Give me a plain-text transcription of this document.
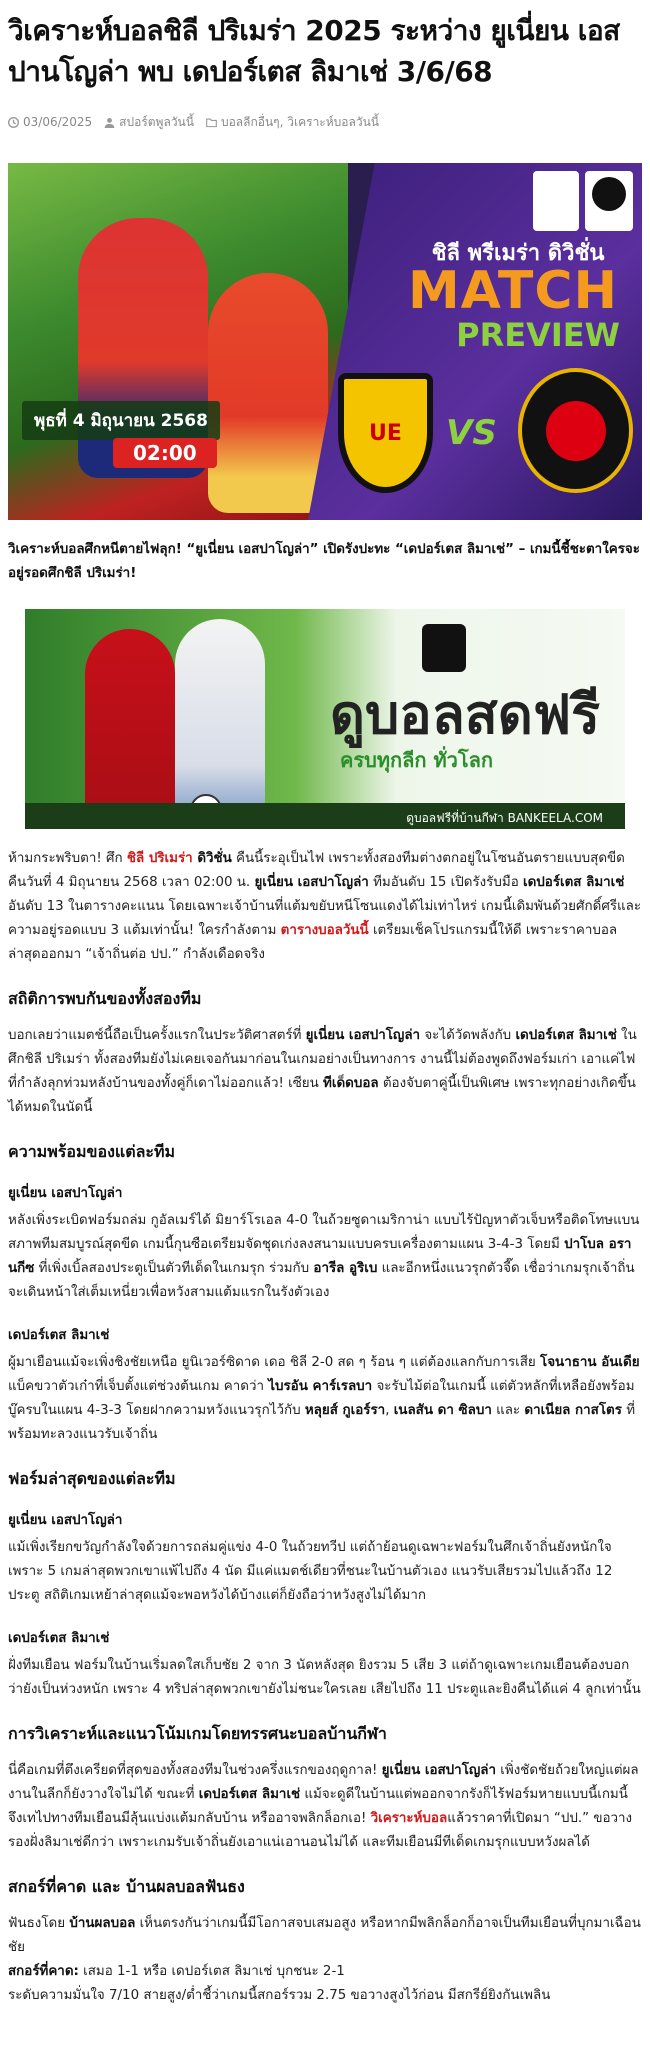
วิเคราะห์บอลชิลี ปริเมร่า 2025 ระหว่าง ยูเนี่ยน เอส ปานโญล่า พบ เดปอร์เตส ลิมาเช่ 3/6/68
03/06/2025 สปอร์ตพูลวันนี้ บอลลีกอื่นๆ, วิเคราะห์บอลวันนี้
ชิลี พรีเมร่า ดิวิชั่น
MATCH
PREVIEW
พุธที่ 4 มิถุนายน 2568
02:00
UE VS

วิเคราะห์บอลศึกหนีตายไฟลุก! “ยูเนี่ยน เอสปาโญล่า” เปิดรังปะทะ “เดปอร์เตส ลิมาเช่” – เกมนี้ชี้ชะตาใครจะอยู่รอดศึกชิลี ปริเมร่า!

ดูบอลสดฟรี
ครบทุกลีก ทั่วโลก
ดูบอลฟรีที่บ้านกีฬา BANKEELA.COM

ห้ามกระพริบตา! ศึก ชิลี ปริเมร่า ดิวิชั่น คืนนี้ระอุเป็นไฟ เพราะทั้งสองทีมต่างตกอยู่ในโซนอันตรายแบบสุดขีด คืนวันที่ 4 มิถุนายน 2568 เวลา 02:00 น. ยูเนี่ยน เอสปาโญล่า ทีมอันดับ 15 เปิดรังรับมือ เดปอร์เตส ลิมาเช่ อันดับ 13 ในตารางคะแนน โดยเฉพาะเจ้าบ้านที่แต้มขยับหนีโซนแดงได้ไม่เท่าไหร่ เกมนี้เดิมพันด้วยศักดิ์ศรีและความอยู่รอดแบบ 3 แต้มเท่านั้น! ใครกำลังตาม ตารางบอลวันนี้ เตรียมเช็คโปรแกรมนี้ให้ดี เพราะราคาบอลล่าสุดออกมา “เจ้าถิ่นต่อ ปป.” กำลังเดือดจริง

สถิติการพบกันของทั้งสองทีม

บอกเลยว่าแมตช์นี้ถือเป็นครั้งแรกในประวัติศาสตร์ที่ ยูเนี่ยน เอสปาโญล่า จะได้วัดพลังกับ เดปอร์เตส ลิมาเช่ ในศึกชิลี ปริเมร่า ทั้งสองทีมยังไม่เคยเจอกันมาก่อนในเกมอย่างเป็นทางการ งานนี้ไม่ต้องพูดถึงฟอร์มเก่า เอาแค่ไฟที่กำลังลุกท่วมหลังบ้านของทั้งคู่ก็เดาไม่ออกแล้ว! เซียน ทีเด็ดบอล ต้องจับตาคู่นี้เป็นพิเศษ เพราะทุกอย่างเกิดขึ้นได้หมดในนัดนี้

ความพร้อมของแต่ละทีม
ยูเนี่ยน เอสปาโญล่า

หลังเพิ่งระเบิดฟอร์มถล่ม กูอัลเมร์ได้ มิยาร์โรเอล 4-0 ในถ้วยซูดาเมริกาน่า แบบไร้ปัญหาตัวเจ็บหรือติดโทษแบน สภาพทีมสมบูรณ์สุดขีด เกมนี้กุนซือเตรียมจัดชุดเก่งลงสนามแบบครบเครื่องตามแผน 3-4-3 โดยมี ปาโบล อรานกีซ ที่เพิ่งเบิ้ลสองประตูเป็นตัวทีเด็ดในเกมรุก ร่วมกับ อารีล อูริเบ และอีกหนึ่งแนวรุกตัวจี๊ด เชื่อว่าเกมรุกเจ้าถิ่นจะเดินหน้าใส่เต็มเหนี่ยวเพื่อหวังสามแต้มแรกในรังตัวเอง

เดปอร์เตส ลิมาเช่

ผู้มาเยือนแม้จะเพิ่งชิงชัยเหนือ ยูนิเวอร์ซิดาด เดอ ชิลี 2-0 สด ๆ ร้อน ๆ แต่ต้องแลกกับการเสีย โจนาธาน อันเดีย แบ็คขวาตัวเก๋าที่เจ็บตั้งแต่ช่วงต้นเกม คาดว่า ไบรอัน คาร์เรลบา จะรับไม้ต่อในเกมนี้ แต่ตัวหลักที่เหลือยังพร้อมบู๊ครบในแผน 4-3-3 โดยฝากความหวังแนวรุกไว้กับ หลุยส์ กูเอร์รา, เนลสัน ดา ซิลบา และ ดาเนียล กาสโตร ที่พร้อมทะลวงแนวรับเจ้าถิ่น

ฟอร์มล่าสุดของแต่ละทีม
ยูเนี่ยน เอสปาโญล่า

แม้เพิ่งเรียกขวัญกำลังใจด้วยการถล่มคู่แข่ง 4-0 ในถ้วยทวีป แต่ถ้าย้อนดูเฉพาะฟอร์มในศึกเจ้าถิ่นยังหนักใจ เพราะ 5 เกมล่าสุดพวกเขาแพ้ไปถึง 4 นัด มีแค่แมตช์เดียวที่ชนะในบ้านตัวเอง แนวรับเสียรวมไปแล้วถึง 12 ประตู สถิติเกมเหย้าล่าสุดแม้จะพอหวังได้บ้างแต่ก็ยังถือว่าหวังสูงไม่ได้มาก

เดปอร์เตส ลิมาเช่

ฝั่งทีมเยือน ฟอร์มในบ้านเริ่มลดใสเก็บชัย 2 จาก 3 นัดหลังสุด ยิงรวม 5 เสีย 3 แต่ถ้าดูเฉพาะเกมเยือนต้องบอกว่ายังเป็นห่วงหนัก เพราะ 4 ทริปล่าสุดพวกเขายังไม่ชนะใครเลย เสียไปถึง 11 ประตูและยิงคืนได้แค่ 4 ลูกเท่านั้น

การวิเคราะห์และแนวโน้มเกมโดยทรรศนะบอลบ้านกีฬา

นี่คือเกมที่ตึงเครียดที่สุดของทั้งสองทีมในช่วงครึ่งแรกของฤดูกาล! ยูเนี่ยน เอสปาโญล่า เพิ่งชัดชัยถ้วยใหญ่แต่ผลงานในลีกก็ยังวางใจไม่ได้ ขณะที่ เดปอร์เตส ลิมาเช่ แม้จะดูดีในบ้านแต่พออกจากรังก็ไร้ฟอร์มหายแบบนี้เกมนี้จึงเทไปทางทีมเยือนมีลุ้นแบ่งแต้มกลับบ้าน หรืออาจพลิกล็อกเอ! วิเคราะห์บอลแล้วราคาที่เปิดมา “ปป.” ขอวางรองฝั่งลิมาเช่ดีกว่า เพราะเกมรับเจ้าถิ่นยังเอาแน่เอานอนไม่ได้ และทีมเยือนมีทีเด็ดเกมรุกแบบหวังผลได้

สกอร์ที่คาด และ บ้านผลบอลฟันธง

ฟันธงโดย บ้านผลบอล เห็นตรงกันว่าเกมนี้มีโอกาสจบเสมอสูง หรือหากมีพลิกล็อกก็อาจเป็นทีมเยือนที่บุกมาเฉือนชัย

สกอร์ที่คาด: เสมอ 1-1 หรือ เดปอร์เตส ลิมาเช่ บุกชนะ 2-1

ระดับความมั่นใจ 7/10 สายสูง/ต่ำชี้ว่าเกมนี้สกอร์รวม 2.75 ขอวางสูงไว้ก่อน มีสกรีย์ยิงกันเพลิน
